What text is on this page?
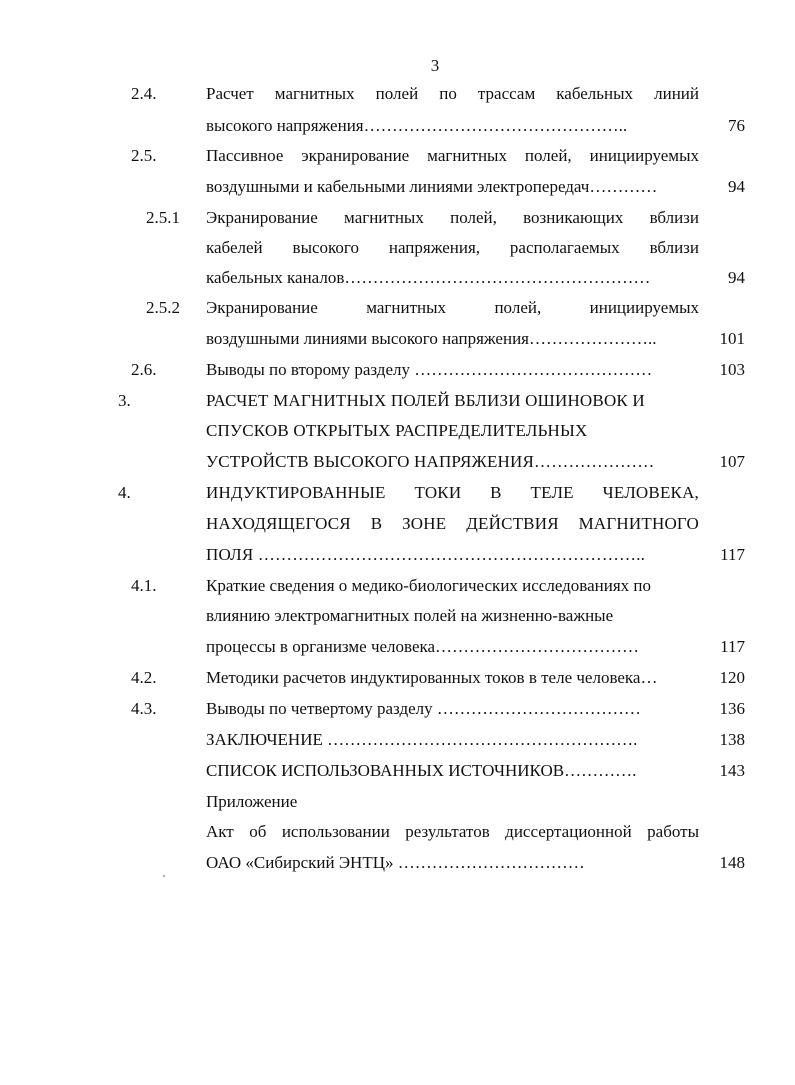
3
2.4.	Расчет магнитных полей по трассам кабельных линий
высокого напряжения………………………………………..	76
2.5.	Пассивное экранирование магнитных полей, инициируемых
воздушными и кабельными линиями электропередач…………	94
2.5.1 Экранирование магнитных полей, возникающих вблизи
кабелей высокого напряжения, располагаемых вблизи
кабельных каналов………………………………………………	94
2.5.2 Экранирование магнитных полей, инициируемых
воздушными линиями высокого напряжения…………………..	101
2.6.	Выводы по второму разделу ……………………………………	103
3.	РАСЧЕТ МАГНИТНЫХ ПОЛЕЙ ВБЛИЗИ ОШИНОВОК И
СПУСКОВ ОТКРЫТЫХ РАСПРЕДЕЛИТЕЛЬНЫХ
УСТРОЙСТВ ВЫСОКОГО НАПРЯЖЕНИЯ…………………	107
4.	ИНДУКТИРОВАННЫЕ ТОКИ В ТЕЛЕ ЧЕЛОВЕКА,
НАХОДЯЩЕГОСЯ В ЗОНЕ ДЕЙСТВИЯ МАГНИТНОГО
ПОЛЯ …………………………………………………………..	117
4.1.	Краткие сведения о медико-биологических исследованиях по
влиянию электромагнитных полей на жизненно-важные
процессы в организме человека………………………………	117
4.2.	Методики расчетов индуктированных токов в теле человека…	120
4.3.	Выводы по четвертому разделу ………………………………	136
ЗАКЛЮЧЕНИЕ ……………………………………………….	138
СПИСОК ИСПОЛЬЗОВАННЫХ ИСТОЧНИКОВ………….	143
Приложение
Акт об использовании результатов диссертационной работы
ОАО «Сибирский ЭНТЦ» ……………………………	148
